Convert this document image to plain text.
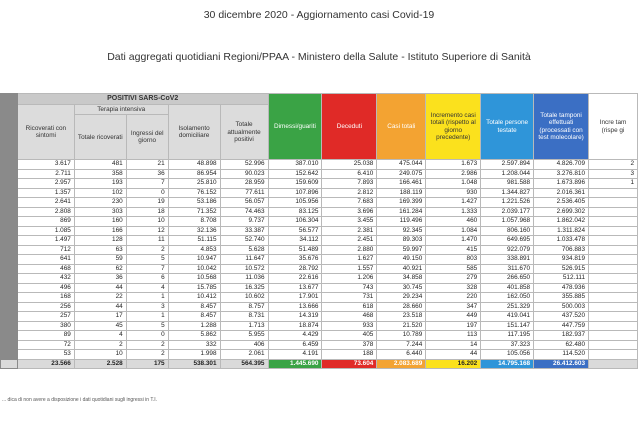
30 dicembre 2020 - Aggiornamento casi Covid-19
Dati aggregati quotidiani Regioni/PPAA - Ministero della Salute - Istituto Superiore di Sanità
	POSITIVI SARS-CoV2					Dimessi/guariti	Deceduti	Casi totali	Incremento casi totali (rispetto al giorno precedente)	Totale persone testate	Totale tamponi effettuati (processati con test molecolare)	Incre tam (rispe gi
	Ricoverati con sintomi	Terapia intensiva		Isolamento domiciliare	Totale attualmente positivi							
		Totale ricoverati	Ingressi del giorno									
	3.617	481	21	48.898	52.996	387.010	25.038	475.044	1.673	2.597.894	4.826.709	2
	2.711	358	36	86.954	90.023	152.642	6.410	249.075	2.986	1.208.044	3.276.810	3
	2.957	193	7	25.810	28.959	159.609	7.893	166.461	1.048	981.588	1.673.896	1
	1.357	102	0	76.152	77.611	107.896	2.812	188.119	930	1.344.827	2.016.361	
	2.641	230	19	53.186	56.057	105.956	7.683	169.399	1.427	1.221.526	2.536.405	
	2.808	303	18	71.352	74.463	83.125	3.696	161.284	1.333	2.039.177	2.699.302	
	869	160	10	8.708	9.737	106.304	3.455	119.496	460	1.057.968	1.862.042	
	1.085	166	12	32.136	33.387	56.577	2.381	92.345	1.084	806.160	1.311.824	
	1.497	128	11	51.115	52.740	34.112	2.451	89.303	1.470	649.695	1.033.478	
	712	63	2	4.853	5.628	51.489	2.880	59.997	415	922.079	706.883	
	641	59	5	10.947	11.647	35.676	1.627	49.150	803	338.891	934.819	
	468	62	7	10.042	10.572	28.792	1.557	40.921	585	311.670	526.915	
	432	36	6	10.568	11.036	22.616	1.206	34.858	279	266.650	512.111	
	496	44	4	15.785	16.325	13.677	743	30.745	328	401.858	478.936	
	168	22	1	10.412	10.602	17.901	731	29.234	220	162.050	355.885	
	256	44	3	8.457	8.757	13.666	618	28.660	347	251.329	500.003	
	257	17	1	8.457	8.731	14.319	468	23.518	449	419.041	437.520	
	380	45	5	1.288	1.713	18.874	933	21.520	197	151.147	447.759	
	89	4	0	5.862	5.955	4.429	405	10.789	113	117.195	182.937	
	72	2	2	332	406	6.459	378	7.244	14	37.323	62.480	
	53	10	2	1.998	2.061	4.191	188	6.440	44	105.056	114.520	
	23.566	2.528	175	538.301	564.395	1.445.690	73.604	2.083.689	16.202	14.795.168	26.412.603	
... dica di non avere a disposizione i dati quotidiani sugli ingressi in T.I.
